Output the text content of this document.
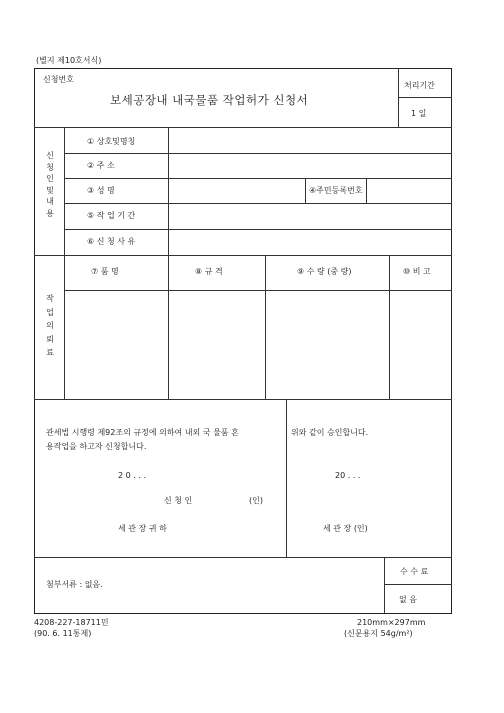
(별지 제10호서식)
신청번호
보세공장내 내국물품 작업허가 신청서
처리기간
1 일
신청인및내용
① 상호및명칭
② 주 소
③ 성 명	④주민등록번호
⑤ 작 업 기 간
⑥ 신 청 사 유
작업의뢰료
⑦ 품 명	⑧ 규 격	⑨ 수 량 (중 량)	⑩ 비 고
관세법 시행령 제92조의 규정에 의하여 내외 국 물품 혼
용작업을 하고자 신청합니다.
2 0 . . .
신 청 인	(인)
세 관 장 귀 하
위와 같이 승인합니다.
20 . . .
세 관 장 (인)
첨부서류 : 없음.
수 수 료
없 음
4208-227-18711민
(90. 6. 11통제)
210mm×297mm
(신문용지 54g/m²)
